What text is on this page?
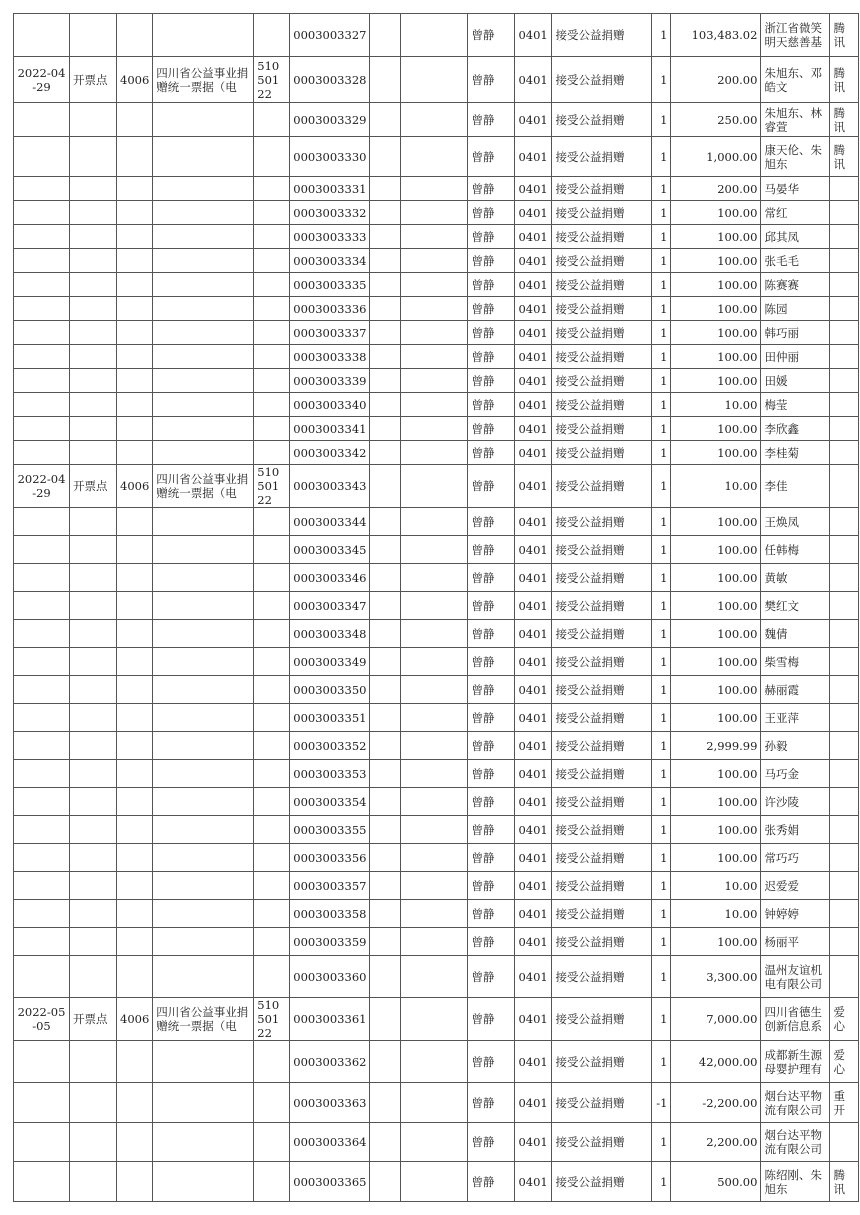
					0003003327			曾静	0401	接受公益捐赠	1	103,483.02	浙江省微笑明天慈善基	腾讯

2022-04-29	开票点	4006	四川省公益事业捐赠统一票据（电	51050122	0003003328			曾静	0401	接受公益捐赠	1	200.00	朱旭东、邓皓文	腾讯

					0003003329			曾静	0401	接受公益捐赠	1	250.00	朱旭东、林睿萱	腾讯

					0003003330			曾静	0401	接受公益捐赠	1	1,000.00	康天伦、朱旭东	腾讯

					0003003331			曾静	0401	接受公益捐赠	1	200.00	马晏华	

					0003003332			曾静	0401	接受公益捐赠	1	100.00	常红	

					0003003333			曾静	0401	接受公益捐赠	1	100.00	邱其凤	

					0003003334			曾静	0401	接受公益捐赠	1	100.00	张毛毛	

					0003003335			曾静	0401	接受公益捐赠	1	100.00	陈赛赛	

					0003003336			曾静	0401	接受公益捐赠	1	100.00	陈园	

					0003003337			曾静	0401	接受公益捐赠	1	100.00	韩巧丽	

					0003003338			曾静	0401	接受公益捐赠	1	100.00	田仲丽	

					0003003339			曾静	0401	接受公益捐赠	1	100.00	田媛	

					0003003340			曾静	0401	接受公益捐赠	1	10.00	梅莹	

					0003003341			曾静	0401	接受公益捐赠	1	100.00	李欣鑫	

					0003003342			曾静	0401	接受公益捐赠	1	100.00	李桂菊	

2022-04-29	开票点	4006	四川省公益事业捐赠统一票据（电	51050122	0003003343			曾静	0401	接受公益捐赠	1	10.00	李佳	

					0003003344			曾静	0401	接受公益捐赠	1	100.00	王焕凤	

					0003003345			曾静	0401	接受公益捐赠	1	100.00	任韩梅	

					0003003346			曾静	0401	接受公益捐赠	1	100.00	黄敏	

					0003003347			曾静	0401	接受公益捐赠	1	100.00	樊红文	

					0003003348			曾静	0401	接受公益捐赠	1	100.00	魏倩	

					0003003349			曾静	0401	接受公益捐赠	1	100.00	柴雪梅	

					0003003350			曾静	0401	接受公益捐赠	1	100.00	赫丽霞	

					0003003351			曾静	0401	接受公益捐赠	1	100.00	王亚萍	

					0003003352			曾静	0401	接受公益捐赠	1	2,999.99	孙毅	

					0003003353			曾静	0401	接受公益捐赠	1	100.00	马巧金	

					0003003354			曾静	0401	接受公益捐赠	1	100.00	许沙陵	

					0003003355			曾静	0401	接受公益捐赠	1	100.00	张秀娟	

					0003003356			曾静	0401	接受公益捐赠	1	100.00	常巧巧	

					0003003357			曾静	0401	接受公益捐赠	1	10.00	迟爱爱	

					0003003358			曾静	0401	接受公益捐赠	1	10.00	钟婷婷	

					0003003359			曾静	0401	接受公益捐赠	1	100.00	杨丽平	

					0003003360			曾静	0401	接受公益捐赠	1	3,300.00	温州友谊机电有限公司	

2022-05-05	开票点	4006	四川省公益事业捐赠统一票据（电	51050122	0003003361			曾静	0401	接受公益捐赠	1	7,000.00	四川省德生创新信息系	爱心

					0003003362			曾静	0401	接受公益捐赠	1	42,000.00	成都新生源母婴护理有	爱心

					0003003363			曾静	0401	接受公益捐赠	-1	-2,200.00	烟台达平物流有限公司	重开

					0003003364			曾静	0401	接受公益捐赠	1	2,200.00	烟台达平物流有限公司	

					0003003365			曾静	0401	接受公益捐赠	1	500.00	陈绍刚、朱旭东	腾讯
